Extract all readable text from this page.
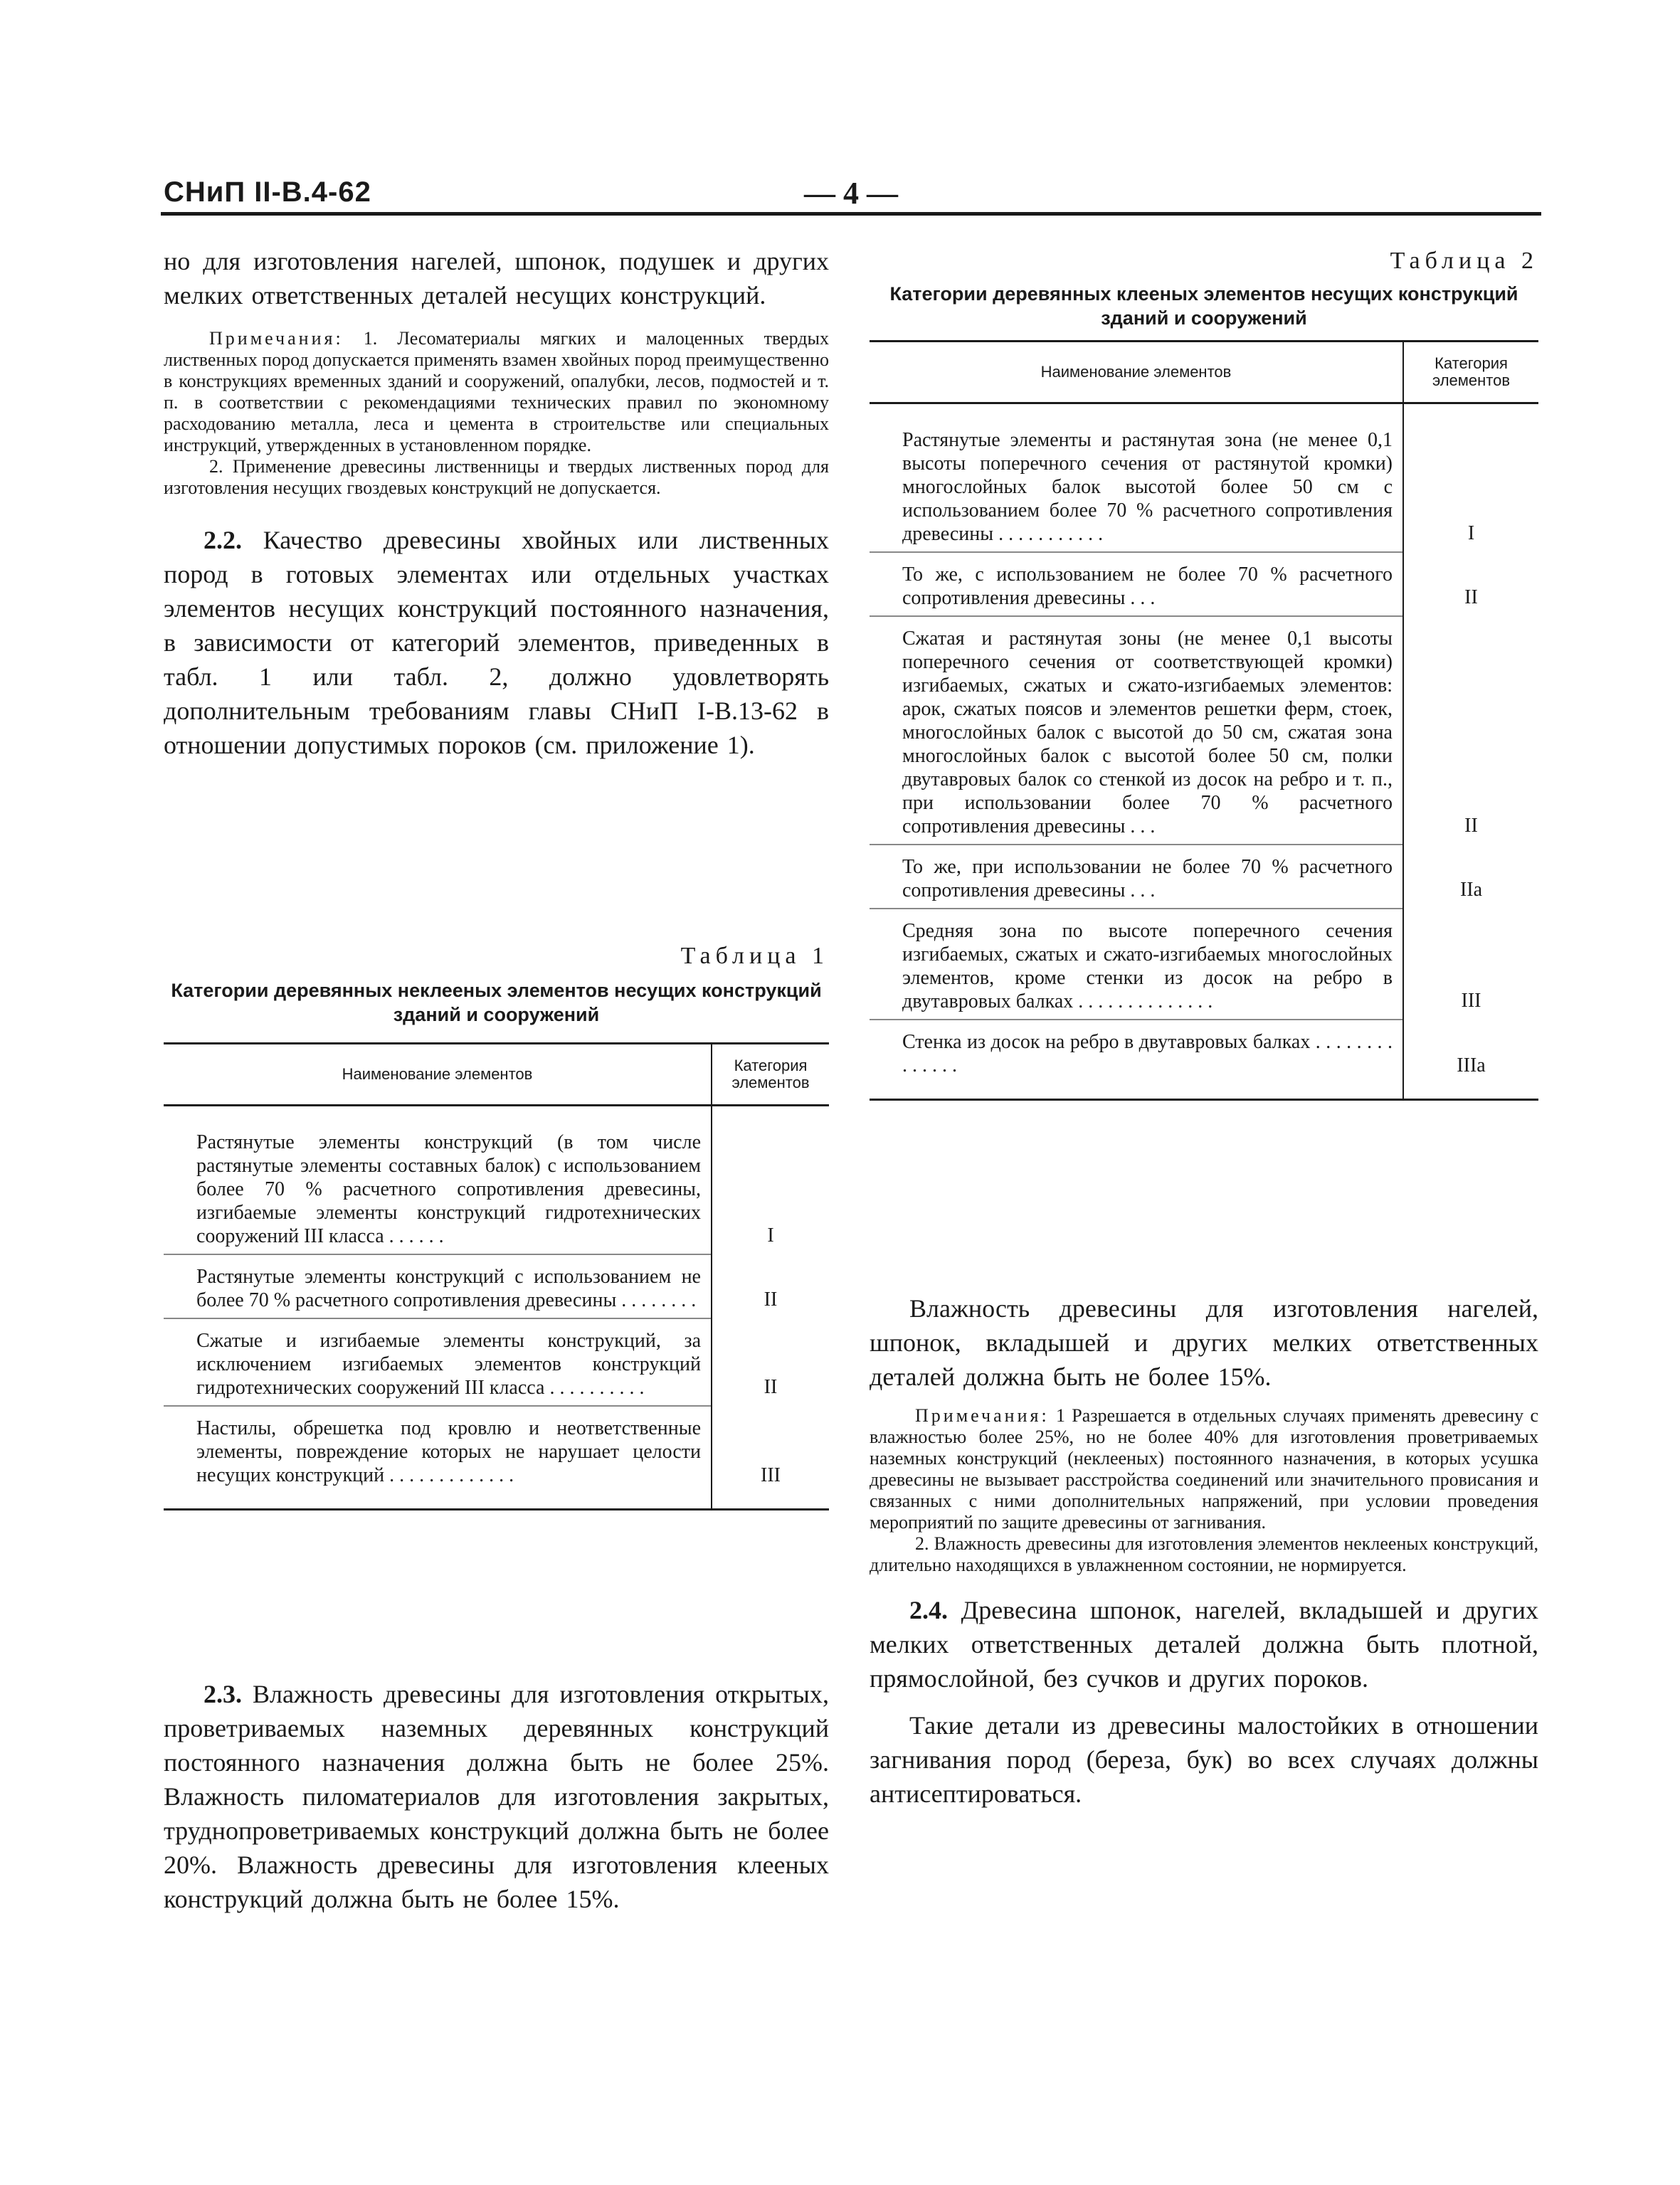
СНиП II-В.4-62	— 4 —

но для изготовления нагелей, шпонок, подушек и других мелких ответственных деталей несущих конструкций.

Примечания: 1. Лесоматериалы мягких и малоценных твердых лиственных пород допускается применять взамен хвойных пород преимущественно в конструкциях временных зданий и сооружений, опалубки, лесов, подмостей и т. п. в соответствии с рекомендациями технических правил по экономному расходованию металла, леса и цемента в строительстве или специальных инструкций, утвержденных в установленном порядке.

2. Применение древесины лиственницы и твердых лиственных пород для изготовления несущих гвоздевых конструкций не допускается.

2.2. Качество древесины хвойных или лиственных пород в готовых элементах или отдельных участках элементов несущих конструкций постоянного назначения, в зависимости от категорий элементов, приведенных в табл. 1 или табл. 2, должно удовлетворять дополнительным требованиям главы СНиП I-В.13-62 в отношении допустимых пороков (см. приложение 1).

Таблица 1

Категории деревянных неклееных элементов несущих конструкций зданий и сооружений

Наименование элементов	Категория элементов
Растянутые элементы конструкций (в том числе растянутые элементы составных балок) с использованием более 70 % расчетного сопротивления древесины, изгибаемые элементы конструкций гидротехнических сооружений III класса . . . . . .	I
Растянутые элементы конструкций с использованием не более 70 % расчетного сопротивления древесины . . . . . . . .	II
Сжатые и изгибаемые элементы конструкций, за исключением изгибаемых элементов конструкций гидротехнических сооружений III класса . . . . . . . . . .	II
Настилы, обрешетка под кровлю и неответственные элементы, повреждение которых не нарушает целости несущих конструкций . . . . . . . . . . . . .	III

2.3. Влажность древесины для изготовления открытых, проветриваемых наземных деревянных конструкций постоянного назначения должна быть не более 25%. Влажность пиломатериалов для изготовления закрытых, труднопроветриваемых конструкций должна быть не более 20%. Влажность древесины для изготовления клееных конструкций должна быть не более 15%.

Таблица 2

Категории деревянных клееных элементов несущих конструкций зданий и сооружений

Наименование элементов	Категория элементов
Растянутые элементы и растянутая зона (не менее 0,1 высоты поперечного сечения от растянутой кромки) многослойных балок высотой более 50 см с использованием более 70 % расчетного сопротивления древесины . . . . . . . . . . .	I
То же, с использованием не более 70 % расчетного сопротивления древесины . . .	II
Сжатая и растянутая зоны (не менее 0,1 высоты поперечного сечения от соответствующей кромки) изгибаемых, сжатых и сжато-изгибаемых элементов: арок, сжатых поясов и элементов решетки ферм, стоек, многослойных балок с высотой до 50 см, сжатая зона многослойных балок с высотой более 50 см, полки двутавровых балок со стенкой из досок на ребро и т. п., при использовании более 70 % расчетного сопротивления древесины . . .	II
То же, при использовании не более 70 % расчетного сопротивления древесины . . .	IIа
Средняя зона по высоте поперечного сечения изгибаемых, сжатых и сжато-изгибаемых многослойных элементов, кроме стенки из досок на ребро в двутавровых балках . . . . . . . . . . . . . .	III
Стенка из досок на ребро в двутавровых балках . . . . . . . . . . . . . .	IIIа

Влажность древесины для изготовления нагелей, шпонок, вкладышей и других мелких ответственных деталей должна быть не более 15%.

Примечания: 1 Разрешается в отдельных случаях применять древесину с влажностью более 25%, но не более 40% для изготовления проветриваемых наземных конструкций (неклееных) постоянного назначения, в которых усушка древесины не вызывает расстройства соединений или значительного провисания и связанных с ними дополнительных напряжений, при условии проведения мероприятий по защите древесины от загнивания.

2. Влажность древесины для изготовления элементов неклееных конструкций, длительно находящихся в увлажненном состоянии, не нормируется.

2.4. Древесина шпонок, нагелей, вкладышей и других мелких ответственных деталей должна быть плотной, прямослойной, без сучков и других пороков.

Такие детали из древесины малостойких в отношении загнивания пород (береза, бук) во всех случаях должны антисептироваться.
